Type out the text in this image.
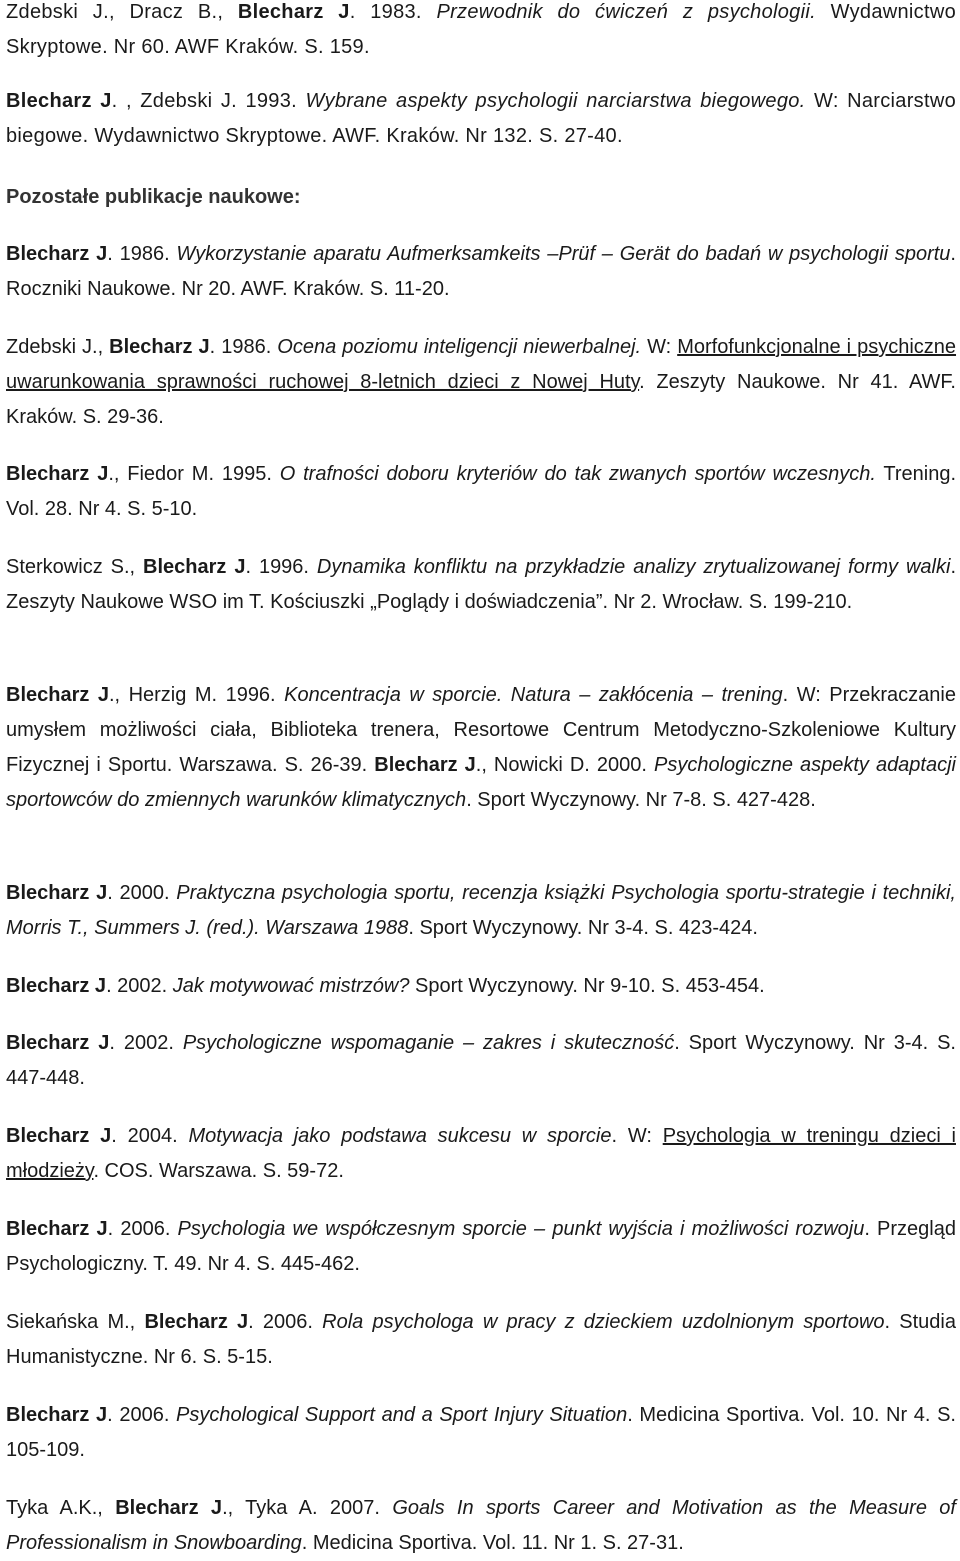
Zdebski J., Dracz B., Blecharz J. 1983. Przewodnik do ćwiczeń z psychologii. Wydawnictwo Skryptowe. Nr 60. AWF Kraków. S. 159.

Blecharz J. , Zdebski J. 1993. Wybrane aspekty psychologii narciarstwa biegowego. W: Narciarstwo biegowe. Wydawnictwo Skryptowe. AWF. Kraków. Nr 132. S. 27-40.

Pozostałe publikacje naukowe:

Blecharz J. 1986. Wykorzystanie aparatu Aufmerksamkeits –Prüf – Gerät do badań w psychologii sportu. Roczniki Naukowe. Nr 20. AWF. Kraków. S. 11-20.

Zdebski J., Blecharz J. 1986. Ocena poziomu inteligencji niewerbalnej. W: Morfofunkcjonalne i psychiczne uwarunkowania sprawności ruchowej 8-letnich dzieci z Nowej Huty. Zeszyty Naukowe. Nr 41. AWF. Kraków. S. 29-36.

Blecharz J., Fiedor M. 1995. O trafności doboru kryteriów do tak zwanych sportów wczesnych. Trening. Vol. 28. Nr 4. S. 5-10.

Sterkowicz S., Blecharz J. 1996. Dynamika konfliktu na przykładzie analizy zrytualizowanej formy walki. Zeszyty Naukowe WSO im T. Kościuszki „Poglądy i doświadczenia”. Nr 2. Wrocław. S. 199-210.

Blecharz J., Herzig M. 1996. Koncentracja w sporcie. Natura – zakłócenia – trening. W: Przekraczanie umysłem możliwości ciała, Biblioteka trenera, Resortowe Centrum Metodyczno-Szkoleniowe Kultury Fizycznej i Sportu. Warszawa. S. 26-39. Blecharz J., Nowicki D. 2000. Psychologiczne aspekty adaptacji sportowców do zmiennych warunków klimatycznych. Sport Wyczynowy. Nr 7-8. S. 427-428.

Blecharz J. 2000. Praktyczna psychologia sportu, recenzja książki Psychologia sportu-strategie i techniki, Morris T., Summers J. (red.). Warszawa 1988. Sport Wyczynowy. Nr 3-4. S. 423-424.

Blecharz J. 2002. Jak motywować mistrzów? Sport Wyczynowy. Nr 9-10. S. 453-454.

Blecharz J. 2002. Psychologiczne wspomaganie – zakres i skuteczność. Sport Wyczynowy. Nr 3-4. S. 447-448.

Blecharz J. 2004. Motywacja jako podstawa sukcesu w sporcie. W: Psychologia w treningu dzieci i młodzieży. COS. Warszawa. S. 59-72.

Blecharz J. 2006. Psychologia we współczesnym sporcie – punkt wyjścia i możliwości rozwoju. Przegląd Psychologiczny. T. 49. Nr 4. S. 445-462.

Siekańska M., Blecharz J. 2006. Rola psychologa w pracy z dzieckiem uzdolnionym sportowo. Studia Humanistyczne. Nr 6. S. 5-15.

Blecharz J. 2006. Psychological Support and a Sport Injury Situation. Medicina Sportiva. Vol. 10. Nr 4. S. 105-109.

Tyka A.K., Blecharz J., Tyka A. 2007. Goals In sports Career and Motivation as the Measure of Professionalism in Snowboarding. Medicina Sportiva. Vol. 11. Nr 1. S. 27-31.
